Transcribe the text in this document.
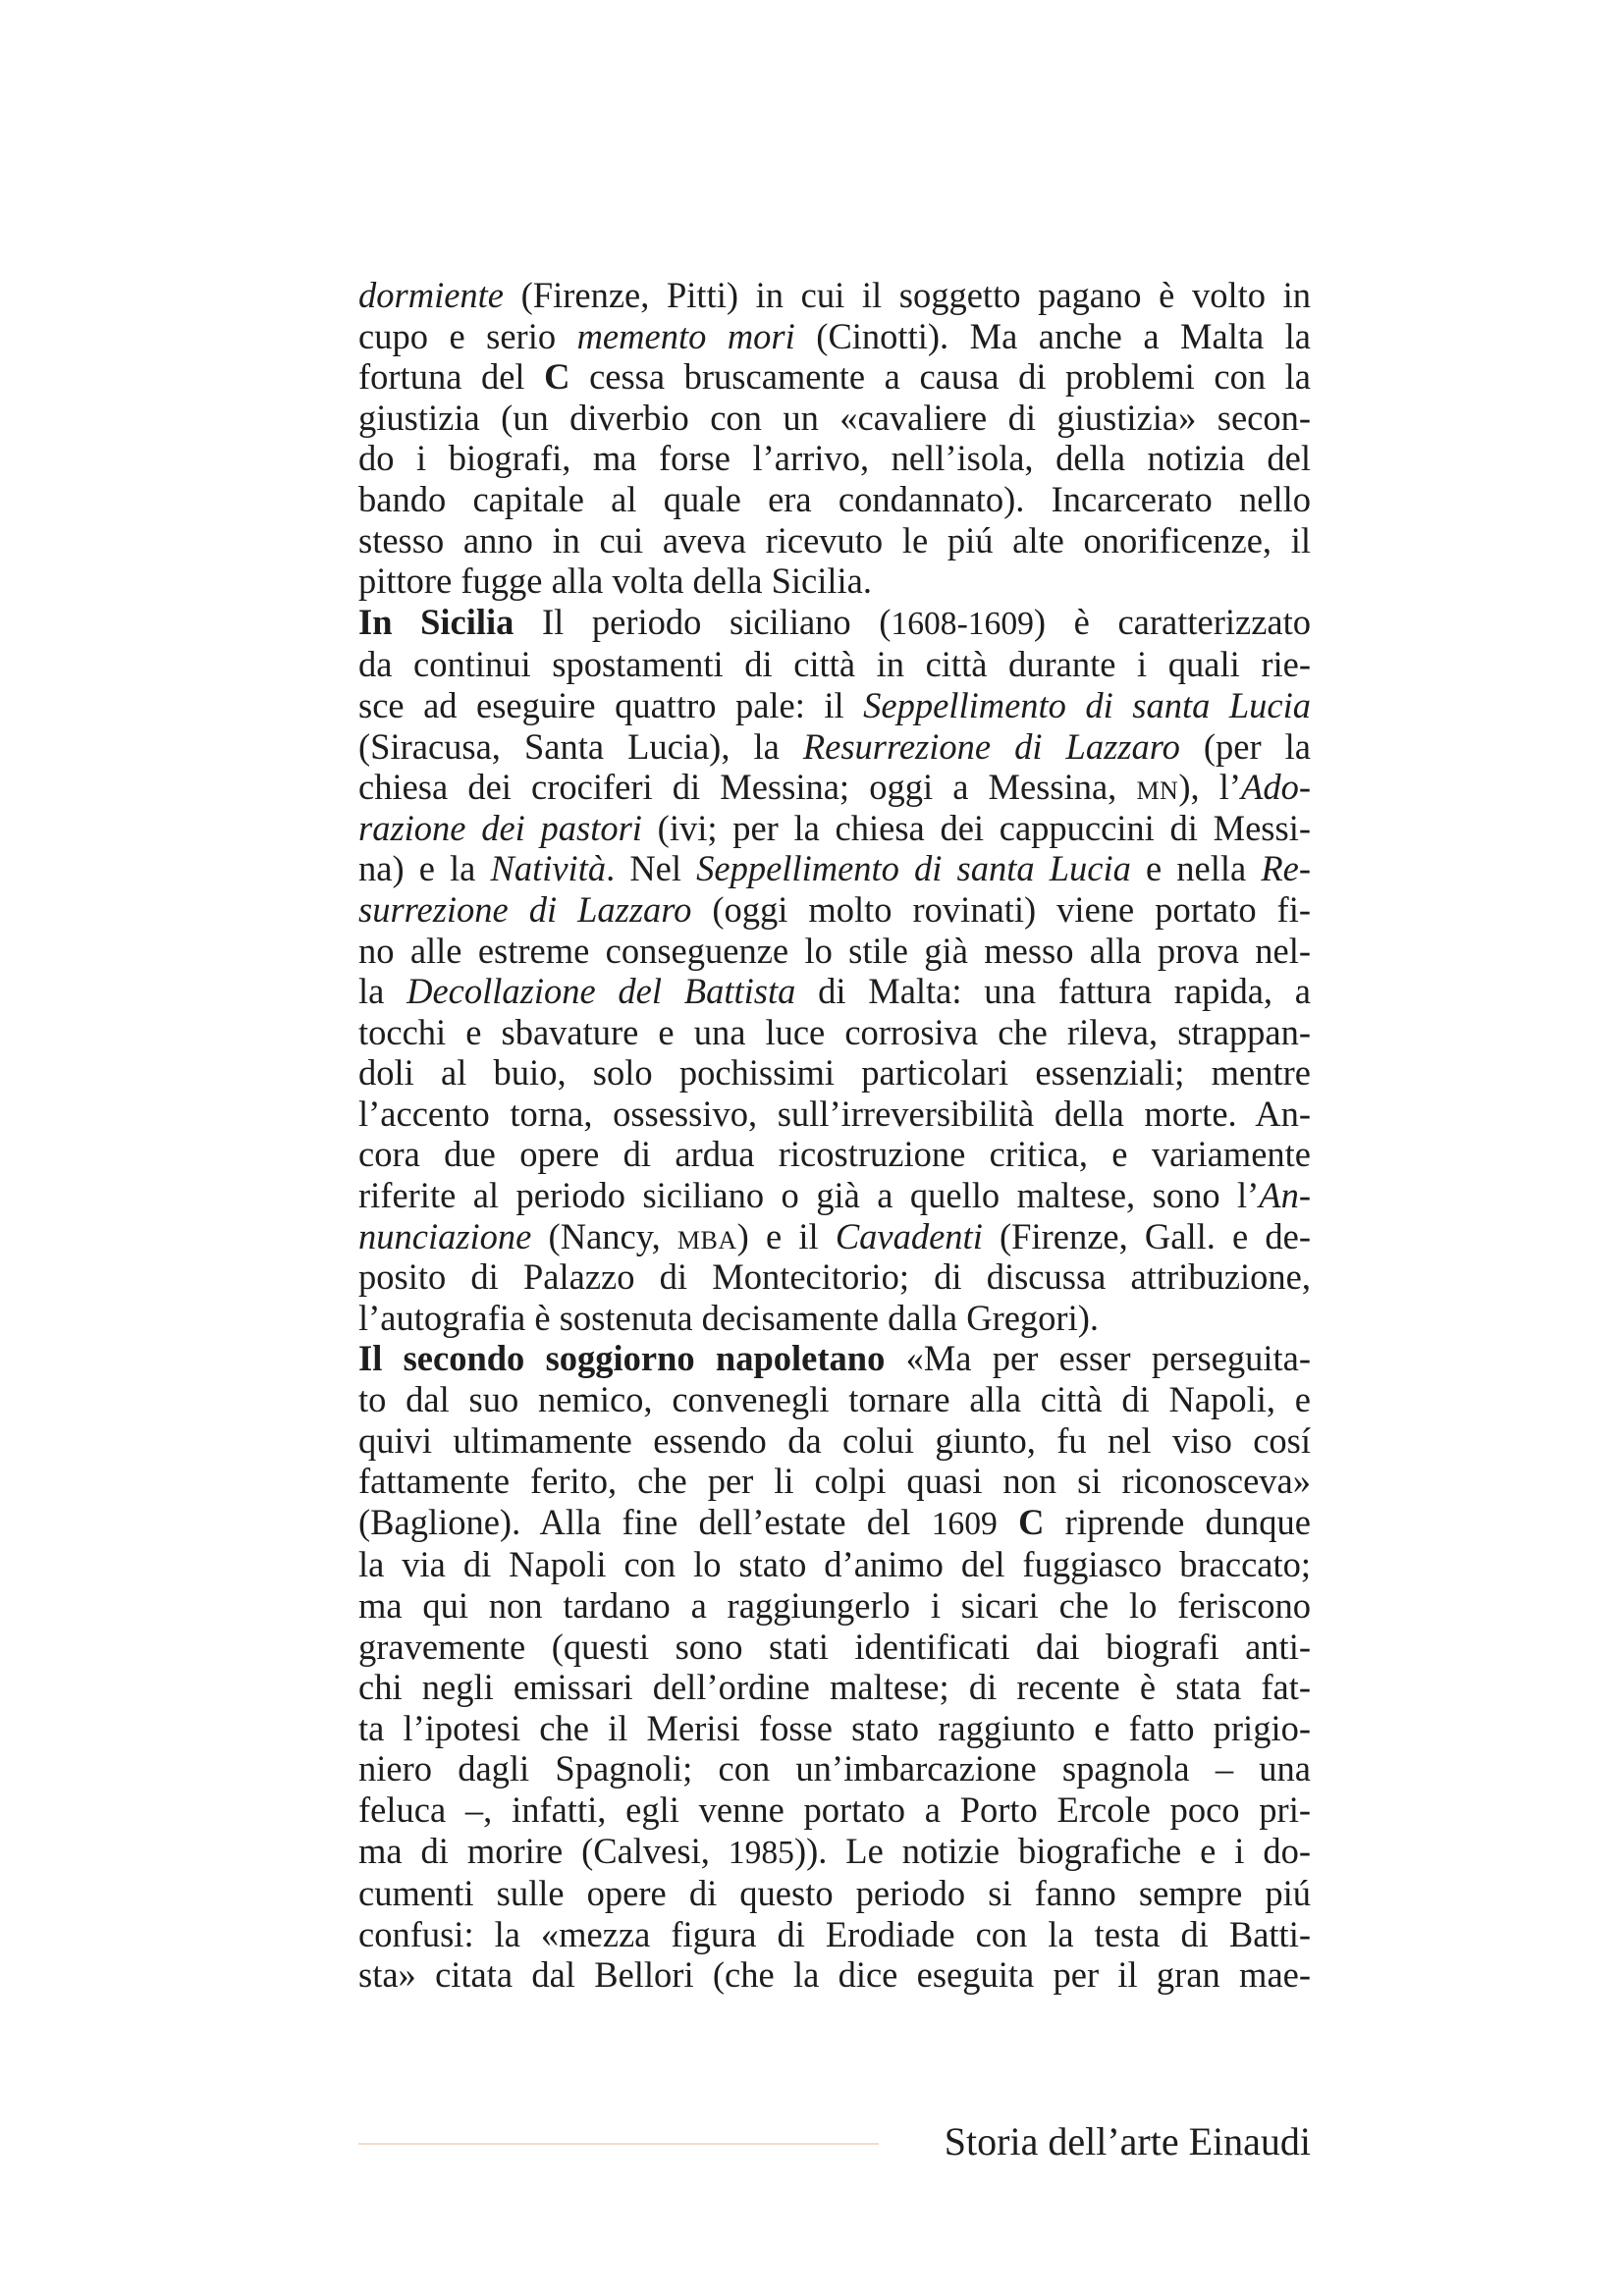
dormiente (Firenze, Pitti) in cui il soggetto pagano è volto in
cupo e serio memento mori (Cinotti). Ma anche a Malta la
fortuna del C cessa bruscamente a causa di problemi con la
giustizia (un diverbio con un «cavaliere di giustizia» secon-
do i biografi, ma forse l’arrivo, nell’isola, della notizia del
bando capitale al quale era condannato). Incarcerato nello
stesso anno in cui aveva ricevuto le piú alte onorificenze, il
pittore fugge alla volta della Sicilia.
In Sicilia Il periodo siciliano (1608-1609) è caratterizzato
da continui spostamenti di città in città durante i quali rie-
sce ad eseguire quattro pale: il Seppellimento di santa Lucia
(Siracusa, Santa Lucia), la Resurrezione di Lazzaro (per la
chiesa dei crociferi di Messina; oggi a Messina, mn), l’Ado-
razione dei pastori (ivi; per la chiesa dei cappuccini di Messi-
na) e la Natività. Nel Seppellimento di santa Lucia e nella Re-
surrezione di Lazzaro (oggi molto rovinati) viene portato fi-
no alle estreme conseguenze lo stile già messo alla prova nel-
la Decollazione del Battista di Malta: una fattura rapida, a
tocchi e sbavature e una luce corrosiva che rileva, strappan-
doli al buio, solo pochissimi particolari essenziali; mentre
l’accento torna, ossessivo, sull’irreversibilità della morte. An-
cora due opere di ardua ricostruzione critica, e variamente
riferite al periodo siciliano o già a quello maltese, sono l’An-
nunciazione (Nancy, mba) e il Cavadenti (Firenze, Gall. e de-
posito di Palazzo di Montecitorio; di discussa attribuzione,
l’autografia è sostenuta decisamente dalla Gregori).
Il secondo soggiorno napoletano «Ma per esser perseguita-
to dal suo nemico, convenegli tornare alla città di Napoli, e
quivi ultimamente essendo da colui giunto, fu nel viso cosí
fattamente ferito, che per li colpi quasi non si riconosceva»
(Baglione). Alla fine dell’estate del 1609 C riprende dunque
la via di Napoli con lo stato d’animo del fuggiasco braccato;
ma qui non tardano a raggiungerlo i sicari che lo feriscono
gravemente (questi sono stati identificati dai biografi anti-
chi negli emissari dell’ordine maltese; di recente è stata fat-
ta l’ipotesi che il Merisi fosse stato raggiunto e fatto prigio-
niero dagli Spagnoli; con un’imbarcazione spagnola – una
feluca –, infatti, egli venne portato a Porto Ercole poco pri-
ma di morire (Calvesi, 1985)). Le notizie biografiche e i do-
cumenti sulle opere di questo periodo si fanno sempre piú
confusi: la «mezza figura di Erodiade con la testa di Batti-
sta» citata dal Bellori (che la dice eseguita per il gran mae-
Storia dell’arte Einaudi
